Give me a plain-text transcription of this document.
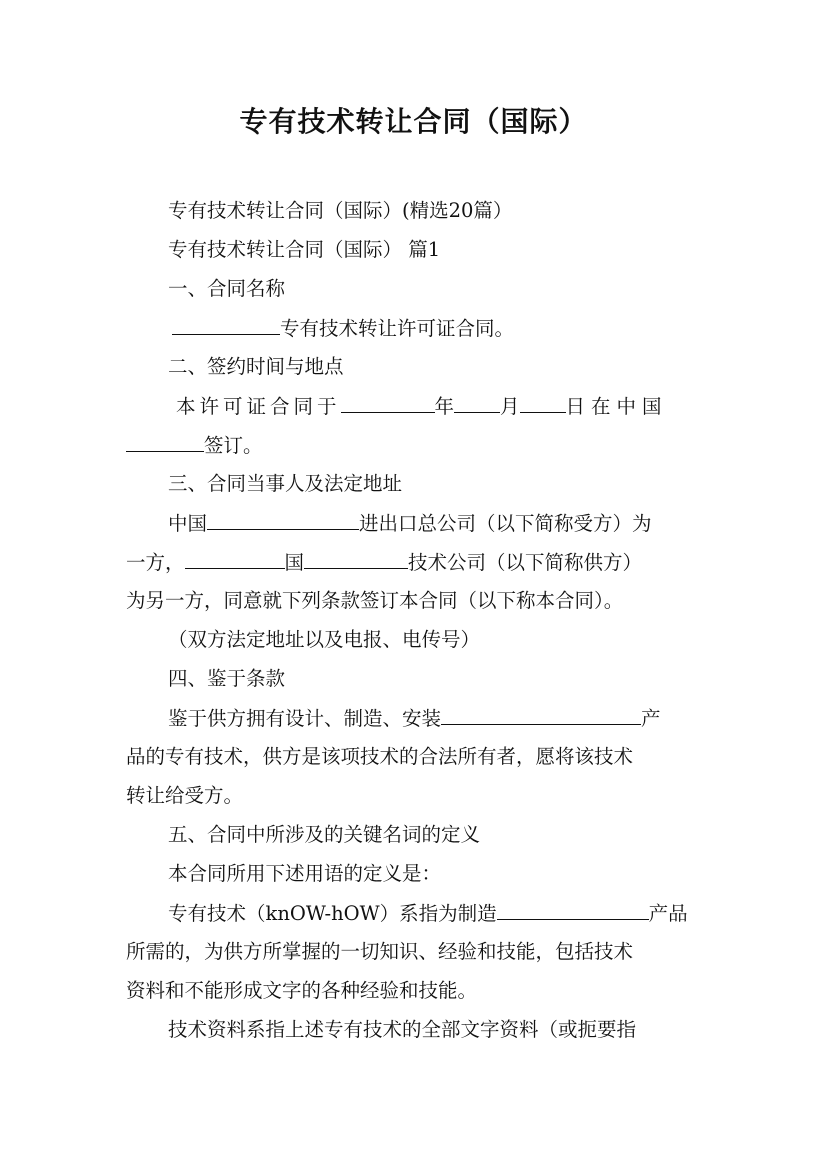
专有技术转让合同（国际）
专有技术转让合同（国际）(精选20篇）
专有技术转让合同（国际） 篇1
一、合同名称
专有技术转让许可证合同。
二、签约时间与地点
本许可证合同于	年 月 日在中国
签订。
三、合同当事人及法定地址
中国	进出口总公司（以下简称受方）为
一方，	国	技术公司（以下简称供方）
为另一方，同意就下列条款签订本合同（以下称本合同）。
（双方法定地址以及电报、电传号）
四、鉴于条款
鉴于供方拥有设计、制造、安装	产
品的专有技术，供方是该项技术的合法所有者，愿将该技术
转让给受方。
五、合同中所涉及的关键名词的定义
本合同所用下述用语的定义是：
专有技术（knOW-hOW）系指为制造	产品
所需的，为供方所掌握的一切知识、经验和技能，包括技术
资料和不能形成文字的各种经验和技能。
技术资料系指上述专有技术的全部文字资料（或扼要指
